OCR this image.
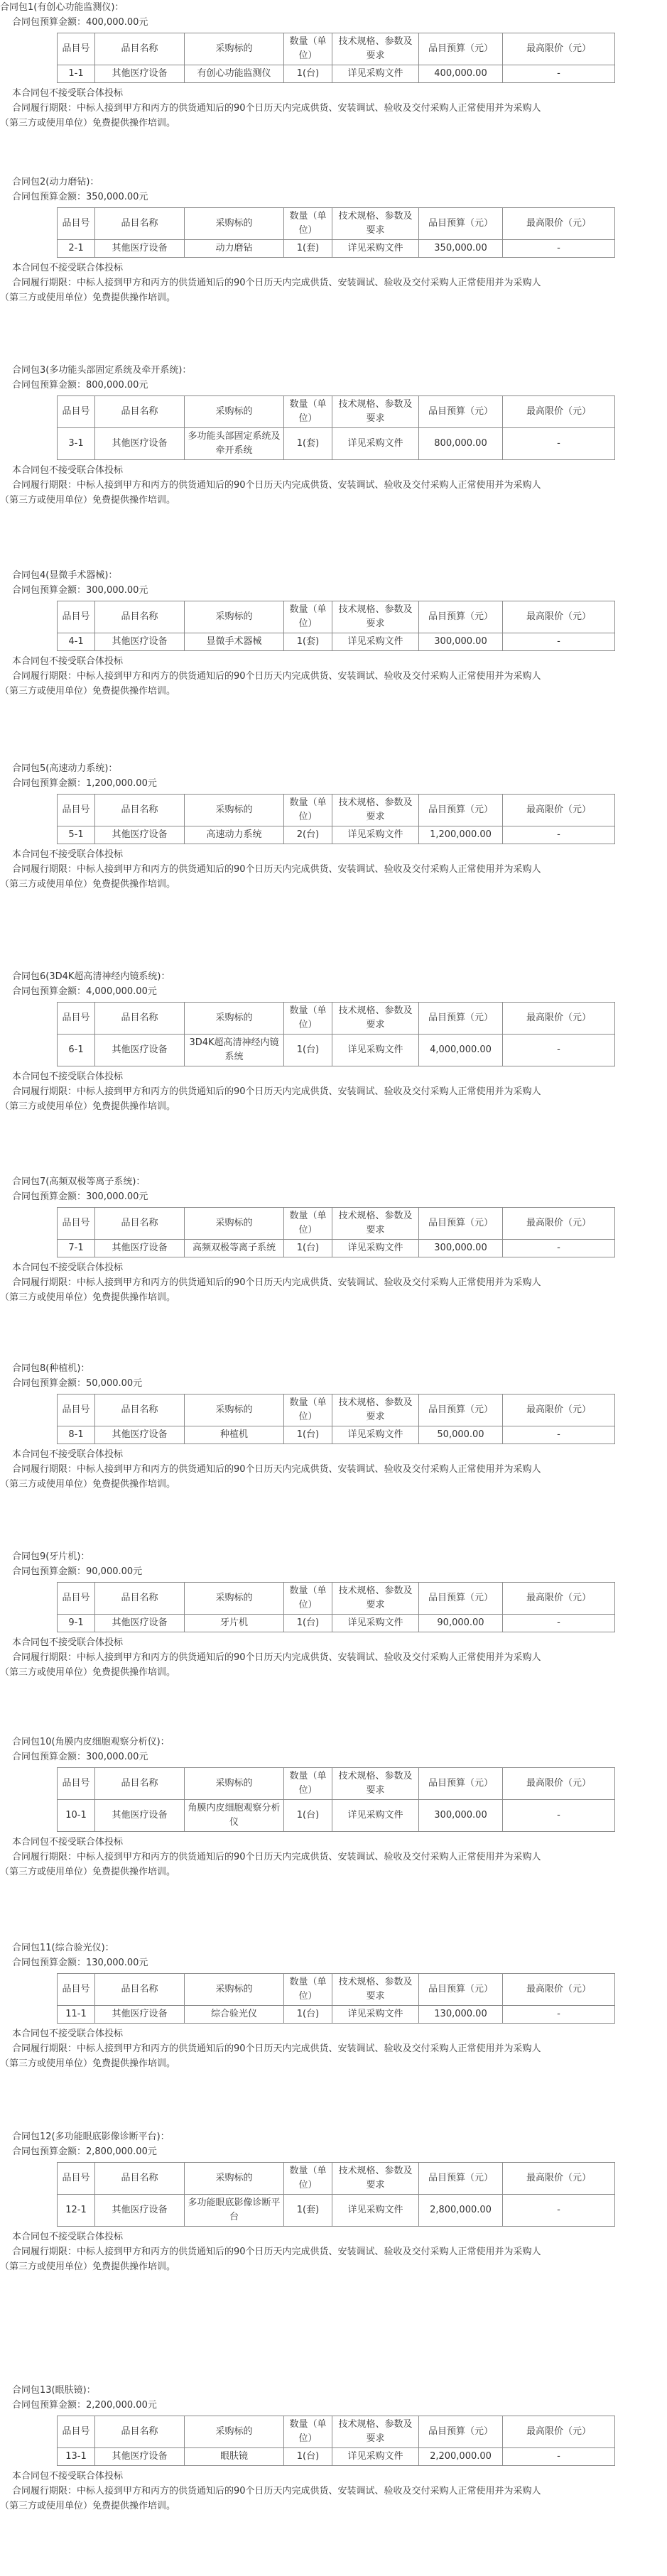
合同包1(有创心功能监测仪)：
合同包预算金额：400,000.00元
品目号	品目名称	采购标的	数量（单位）	技术规格、参数及要求	品目预算（元）	最高限价（元）
1-1	其他医疗设备	有创心功能监测仪	1(台)	详见采购文件	400,000.00	-
本合同包不接受联合体投标
合同履行期限：中标人接到甲方和丙方的供货通知后的90个日历天内完成供货、安装调试、验收及交付采购人正常使用并为采购人
（第三方或使用单位）免费提供操作培训。
合同包2(动力磨钻)：
合同包预算金额：350,000.00元
品目号	品目名称	采购标的	数量（单位）	技术规格、参数及要求	品目预算（元）	最高限价（元）
2-1	其他医疗设备	动力磨钻	1(套)	详见采购文件	350,000.00	-
本合同包不接受联合体投标
合同履行期限：中标人接到甲方和丙方的供货通知后的90个日历天内完成供货、安装调试、验收及交付采购人正常使用并为采购人
（第三方或使用单位）免费提供操作培训。
合同包3(多功能头部固定系统及牵开系统)：
合同包预算金额：800,000.00元
品目号	品目名称	采购标的	数量（单位）	技术规格、参数及要求	品目预算（元）	最高限价（元）
3-1	其他医疗设备	多功能头部固定系统及牵开系统	1(套)	详见采购文件	800,000.00	-
本合同包不接受联合体投标
合同履行期限：中标人接到甲方和丙方的供货通知后的90个日历天内完成供货、安装调试、验收及交付采购人正常使用并为采购人
（第三方或使用单位）免费提供操作培训。
合同包4(显微手术器械)：
合同包预算金额：300,000.00元
品目号	品目名称	采购标的	数量（单位）	技术规格、参数及要求	品目预算（元）	最高限价（元）
4-1	其他医疗设备	显微手术器械	1(套)	详见采购文件	300,000.00	-
本合同包不接受联合体投标
合同履行期限：中标人接到甲方和丙方的供货通知后的90个日历天内完成供货、安装调试、验收及交付采购人正常使用并为采购人
（第三方或使用单位）免费提供操作培训。
合同包5(高速动力系统)：
合同包预算金额：1,200,000.00元
品目号	品目名称	采购标的	数量（单位）	技术规格、参数及要求	品目预算（元）	最高限价（元）
5-1	其他医疗设备	高速动力系统	2(台)	详见采购文件	1,200,000.00	-
本合同包不接受联合体投标
合同履行期限：中标人接到甲方和丙方的供货通知后的90个日历天内完成供货、安装调试、验收及交付采购人正常使用并为采购人
（第三方或使用单位）免费提供操作培训。
合同包6(3D4K超高清神经内镜系统)：
合同包预算金额：4,000,000.00元
品目号	品目名称	采购标的	数量（单位）	技术规格、参数及要求	品目预算（元）	最高限价（元）
6-1	其他医疗设备	3D4K超高清神经内镜系统	1(台)	详见采购文件	4,000,000.00	-
本合同包不接受联合体投标
合同履行期限：中标人接到甲方和丙方的供货通知后的90个日历天内完成供货、安装调试、验收及交付采购人正常使用并为采购人
（第三方或使用单位）免费提供操作培训。
合同包7(高频双极等离子系统)：
合同包预算金额：300,000.00元
品目号	品目名称	采购标的	数量（单位）	技术规格、参数及要求	品目预算（元）	最高限价（元）
7-1	其他医疗设备	高频双极等离子系统	1(台)	详见采购文件	300,000.00	-
本合同包不接受联合体投标
合同履行期限：中标人接到甲方和丙方的供货通知后的90个日历天内完成供货、安装调试、验收及交付采购人正常使用并为采购人
（第三方或使用单位）免费提供操作培训。
合同包8(种植机)：
合同包预算金额：50,000.00元
品目号	品目名称	采购标的	数量（单位）	技术规格、参数及要求	品目预算（元）	最高限价（元）
8-1	其他医疗设备	种植机	1(台)	详见采购文件	50,000.00	-
本合同包不接受联合体投标
合同履行期限：中标人接到甲方和丙方的供货通知后的90个日历天内完成供货、安装调试、验收及交付采购人正常使用并为采购人
（第三方或使用单位）免费提供操作培训。
合同包9(牙片机)：
合同包预算金额：90,000.00元
品目号	品目名称	采购标的	数量（单位）	技术规格、参数及要求	品目预算（元）	最高限价（元）
9-1	其他医疗设备	牙片机	1(台)	详见采购文件	90,000.00	-
本合同包不接受联合体投标
合同履行期限：中标人接到甲方和丙方的供货通知后的90个日历天内完成供货、安装调试、验收及交付采购人正常使用并为采购人
（第三方或使用单位）免费提供操作培训。
合同包10(角膜内皮细胞观察分析仪)：
合同包预算金额：300,000.00元
品目号	品目名称	采购标的	数量（单位）	技术规格、参数及要求	品目预算（元）	最高限价（元）
10-1	其他医疗设备	角膜内皮细胞观察分析仪	1(台)	详见采购文件	300,000.00	-
本合同包不接受联合体投标
合同履行期限：中标人接到甲方和丙方的供货通知后的90个日历天内完成供货、安装调试、验收及交付采购人正常使用并为采购人
（第三方或使用单位）免费提供操作培训。
合同包11(综合验光仪)：
合同包预算金额：130,000.00元
品目号	品目名称	采购标的	数量（单位）	技术规格、参数及要求	品目预算（元）	最高限价（元）
11-1	其他医疗设备	综合验光仪	1(台)	详见采购文件	130,000.00	-
本合同包不接受联合体投标
合同履行期限：中标人接到甲方和丙方的供货通知后的90个日历天内完成供货、安装调试、验收及交付采购人正常使用并为采购人
（第三方或使用单位）免费提供操作培训。
合同包12(多功能眼底影像诊断平台)：
合同包预算金额：2,800,000.00元
品目号	品目名称	采购标的	数量（单位）	技术规格、参数及要求	品目预算（元）	最高限价（元）
12-1	其他医疗设备	多功能眼底影像诊断平台	1(套)	详见采购文件	2,800,000.00	-
本合同包不接受联合体投标
合同履行期限：中标人接到甲方和丙方的供货通知后的90个日历天内完成供货、安装调试、验收及交付采购人正常使用并为采购人
（第三方或使用单位）免费提供操作培训。
合同包13(眼肤镜)：
合同包预算金额：2,200,000.00元
品目号	品目名称	采购标的	数量（单位）	技术规格、参数及要求	品目预算（元）	最高限价（元）
13-1	其他医疗设备	眼肤镜	1(台)	详见采购文件	2,200,000.00	-
本合同包不接受联合体投标
合同履行期限：中标人接到甲方和丙方的供货通知后的90个日历天内完成供货、安装调试、验收及交付采购人正常使用并为采购人
（第三方或使用单位）免费提供操作培训。
